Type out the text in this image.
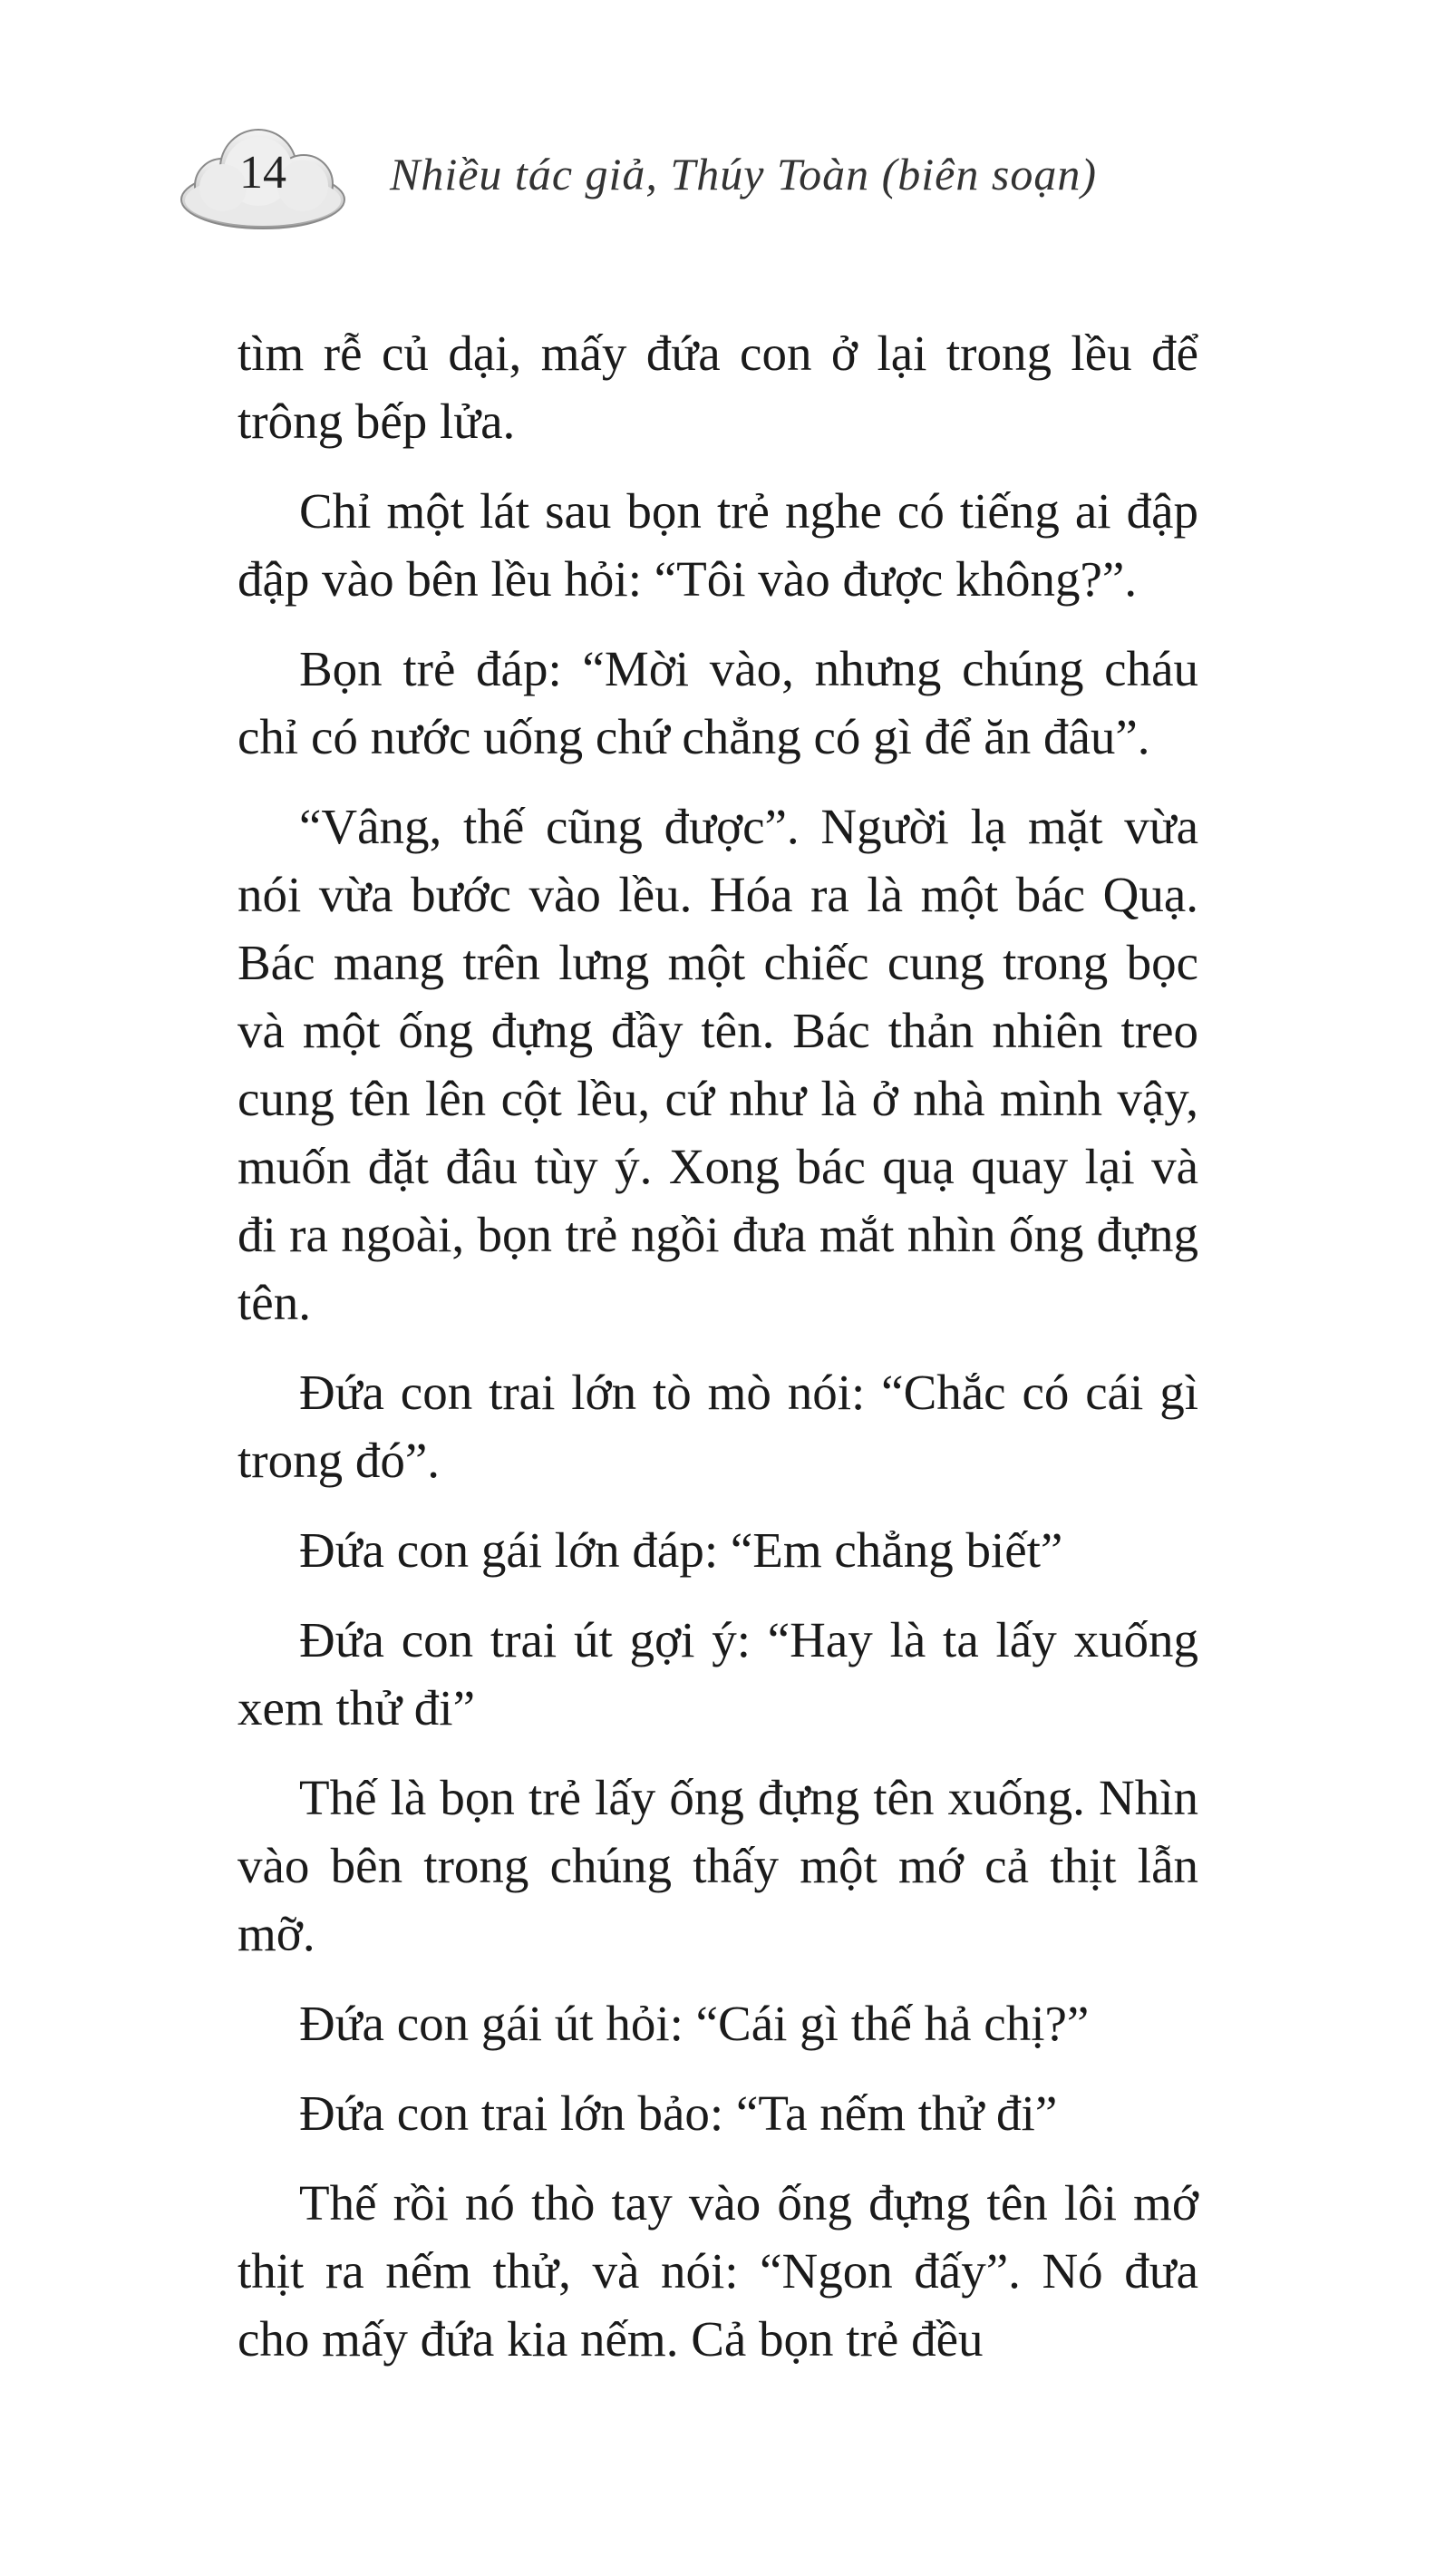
14	Nhiều tác giả, Thúy Toàn (biên soạn)

tìm rễ củ dại, mấy đứa con ở lại trong lều để trông bếp lửa.

Chỉ một lát sau bọn trẻ nghe có tiếng ai đập đập vào bên lều hỏi: “Tôi vào được không?”.

Bọn trẻ đáp: “Mời vào, nhưng chúng cháu chỉ có nước uống chứ chẳng có gì để ăn đâu”.

“Vâng, thế cũng được”. Người lạ mặt vừa nói vừa bước vào lều. Hóa ra là một bác Quạ. Bác mang trên lưng một chiếc cung trong bọc và một ống đựng đầy tên. Bác thản nhiên treo cung tên lên cột lều, cứ như là ở nhà mình vậy, muốn đặt đâu tùy ý. Xong bác quạ quay lại và đi ra ngoài, bọn trẻ ngồi đưa mắt nhìn ống đựng tên.

Đứa con trai lớn tò mò nói: “Chắc có cái gì trong đó”.

Đứa con gái lớn đáp: “Em chẳng biết”

Đứa con trai út gợi ý: “Hay là ta lấy xuống xem thử đi”

Thế là bọn trẻ lấy ống đựng tên xuống. Nhìn vào bên trong chúng thấy một mớ cả thịt lẫn mỡ.

Đứa con gái út hỏi: “Cái gì thế hả chị?”

Đứa con trai lớn bảo: “Ta nếm thử đi”

Thế rồi nó thò tay vào ống đựng tên lôi mớ thịt ra nếm thử, và nói: “Ngon đấy”. Nó đưa cho mấy đứa kia nếm. Cả bọn trẻ đều
